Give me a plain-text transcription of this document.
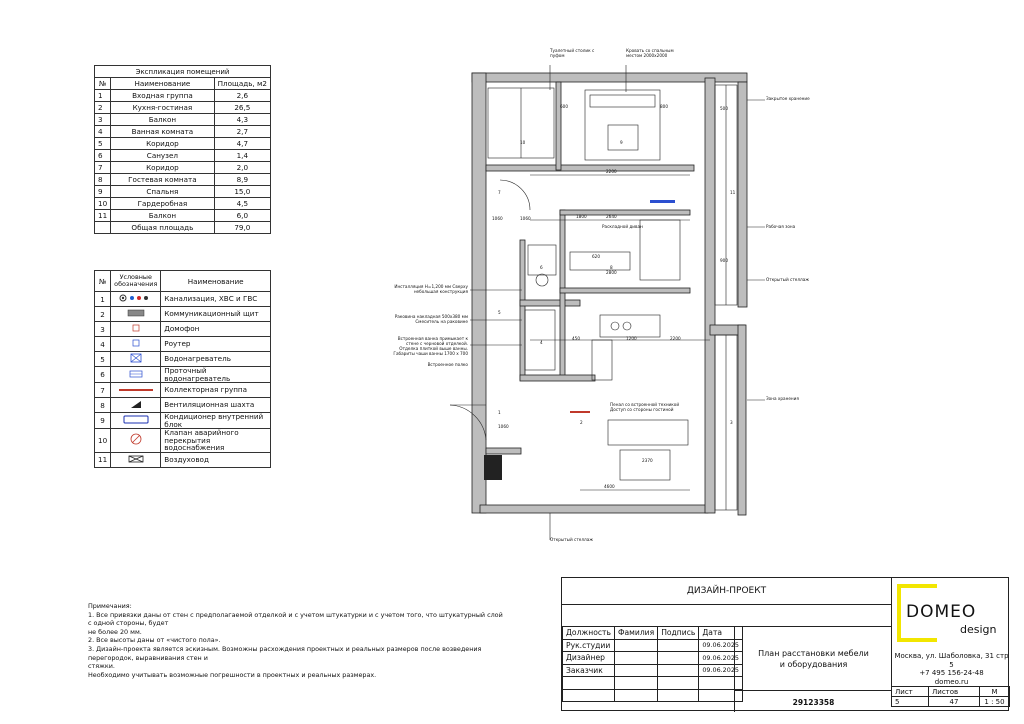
Экспликация помещений		
№	Наименование	Площадь, м2
1	Входная группа	2,6
2	Кухня-гостиная	26,5
3	Балкон	4,3
4	Ванная комната	2,7
5	Коридор	4,7
6	Санузел	1,4
7	Коридор	2,0
8	Гостевая комната	8,9
9	Спальня	15,0
10	Гардеробная	4,5
11	Балкон	6,0
	Общая площадь	79,0
№	Условные обозначения	Наименование
1		Канализация, ХВС и ГВС
2		Коммуникационный щит
3		Домофон
4		Роутер
5		Водонагреватель
6		Проточный водонагреватель
7		Коллекторная группа
8		Вентиляционная шахта
9		Кондиционер внутренний блок
10		Клапан аварийного перекрытия водоснабжения
11		Воздуховод
Туалетный столик с пуфом
Кровать со спальным местом 2000х2000
Закрытое хранение
Рабочая зона
Открытый стеллаж
Зона хранения
Раскладной диван
Пенал со встроенной техникой Доступ со стороны гостиной
Инсталляция Н=1,200 мм Сверху небольшая конструкция
Раковина накладная 500х380 мм Смеситель на раковине
Встроенная ванна примыкает к стене с черновой отделкой. Отделка плиткой выше ванны. Габариты чаши ванны 1700 х 700
Встроенное полко
Открытый стеллаж
1
2	3
4
5
6
7
8
9
10
11
2200
2640
1800
2800
1060
1060
2200
2370
4600
1200
1060
600	800	500
620
450
900
Примечания:
1. Все привязки даны от стен с предполагаемой отделкой и с учетом штукатурки и с учетом того, что штукатурный слой с одной стороны, будет
не более 20 мм.
2. Все высоты даны от «чистого пола».
3. Дизайн-проекта является эскизным. Возможны расхождения проектных и реальных размеров после возведения перегородок, выравнивания стен и
стяжки.
Необходимо учитывать возможные погрешности в проектных и реальных размерах.
ДИЗАЙН-ПРОЕКТ
Должность	Фамилия	Подпись	Дата
Рук.студии			09.06.2025
Дизайнер			09.06.2025
Заказчик			09.06.2025

План расстановки мебели
и оборудования
29123358
DOMEO
design
Москва, ул. Шаболовка, 31 стр 5
+7 495 156-24-48
domeo.ru
Лист	Листов	М
5	47	1 : 50
